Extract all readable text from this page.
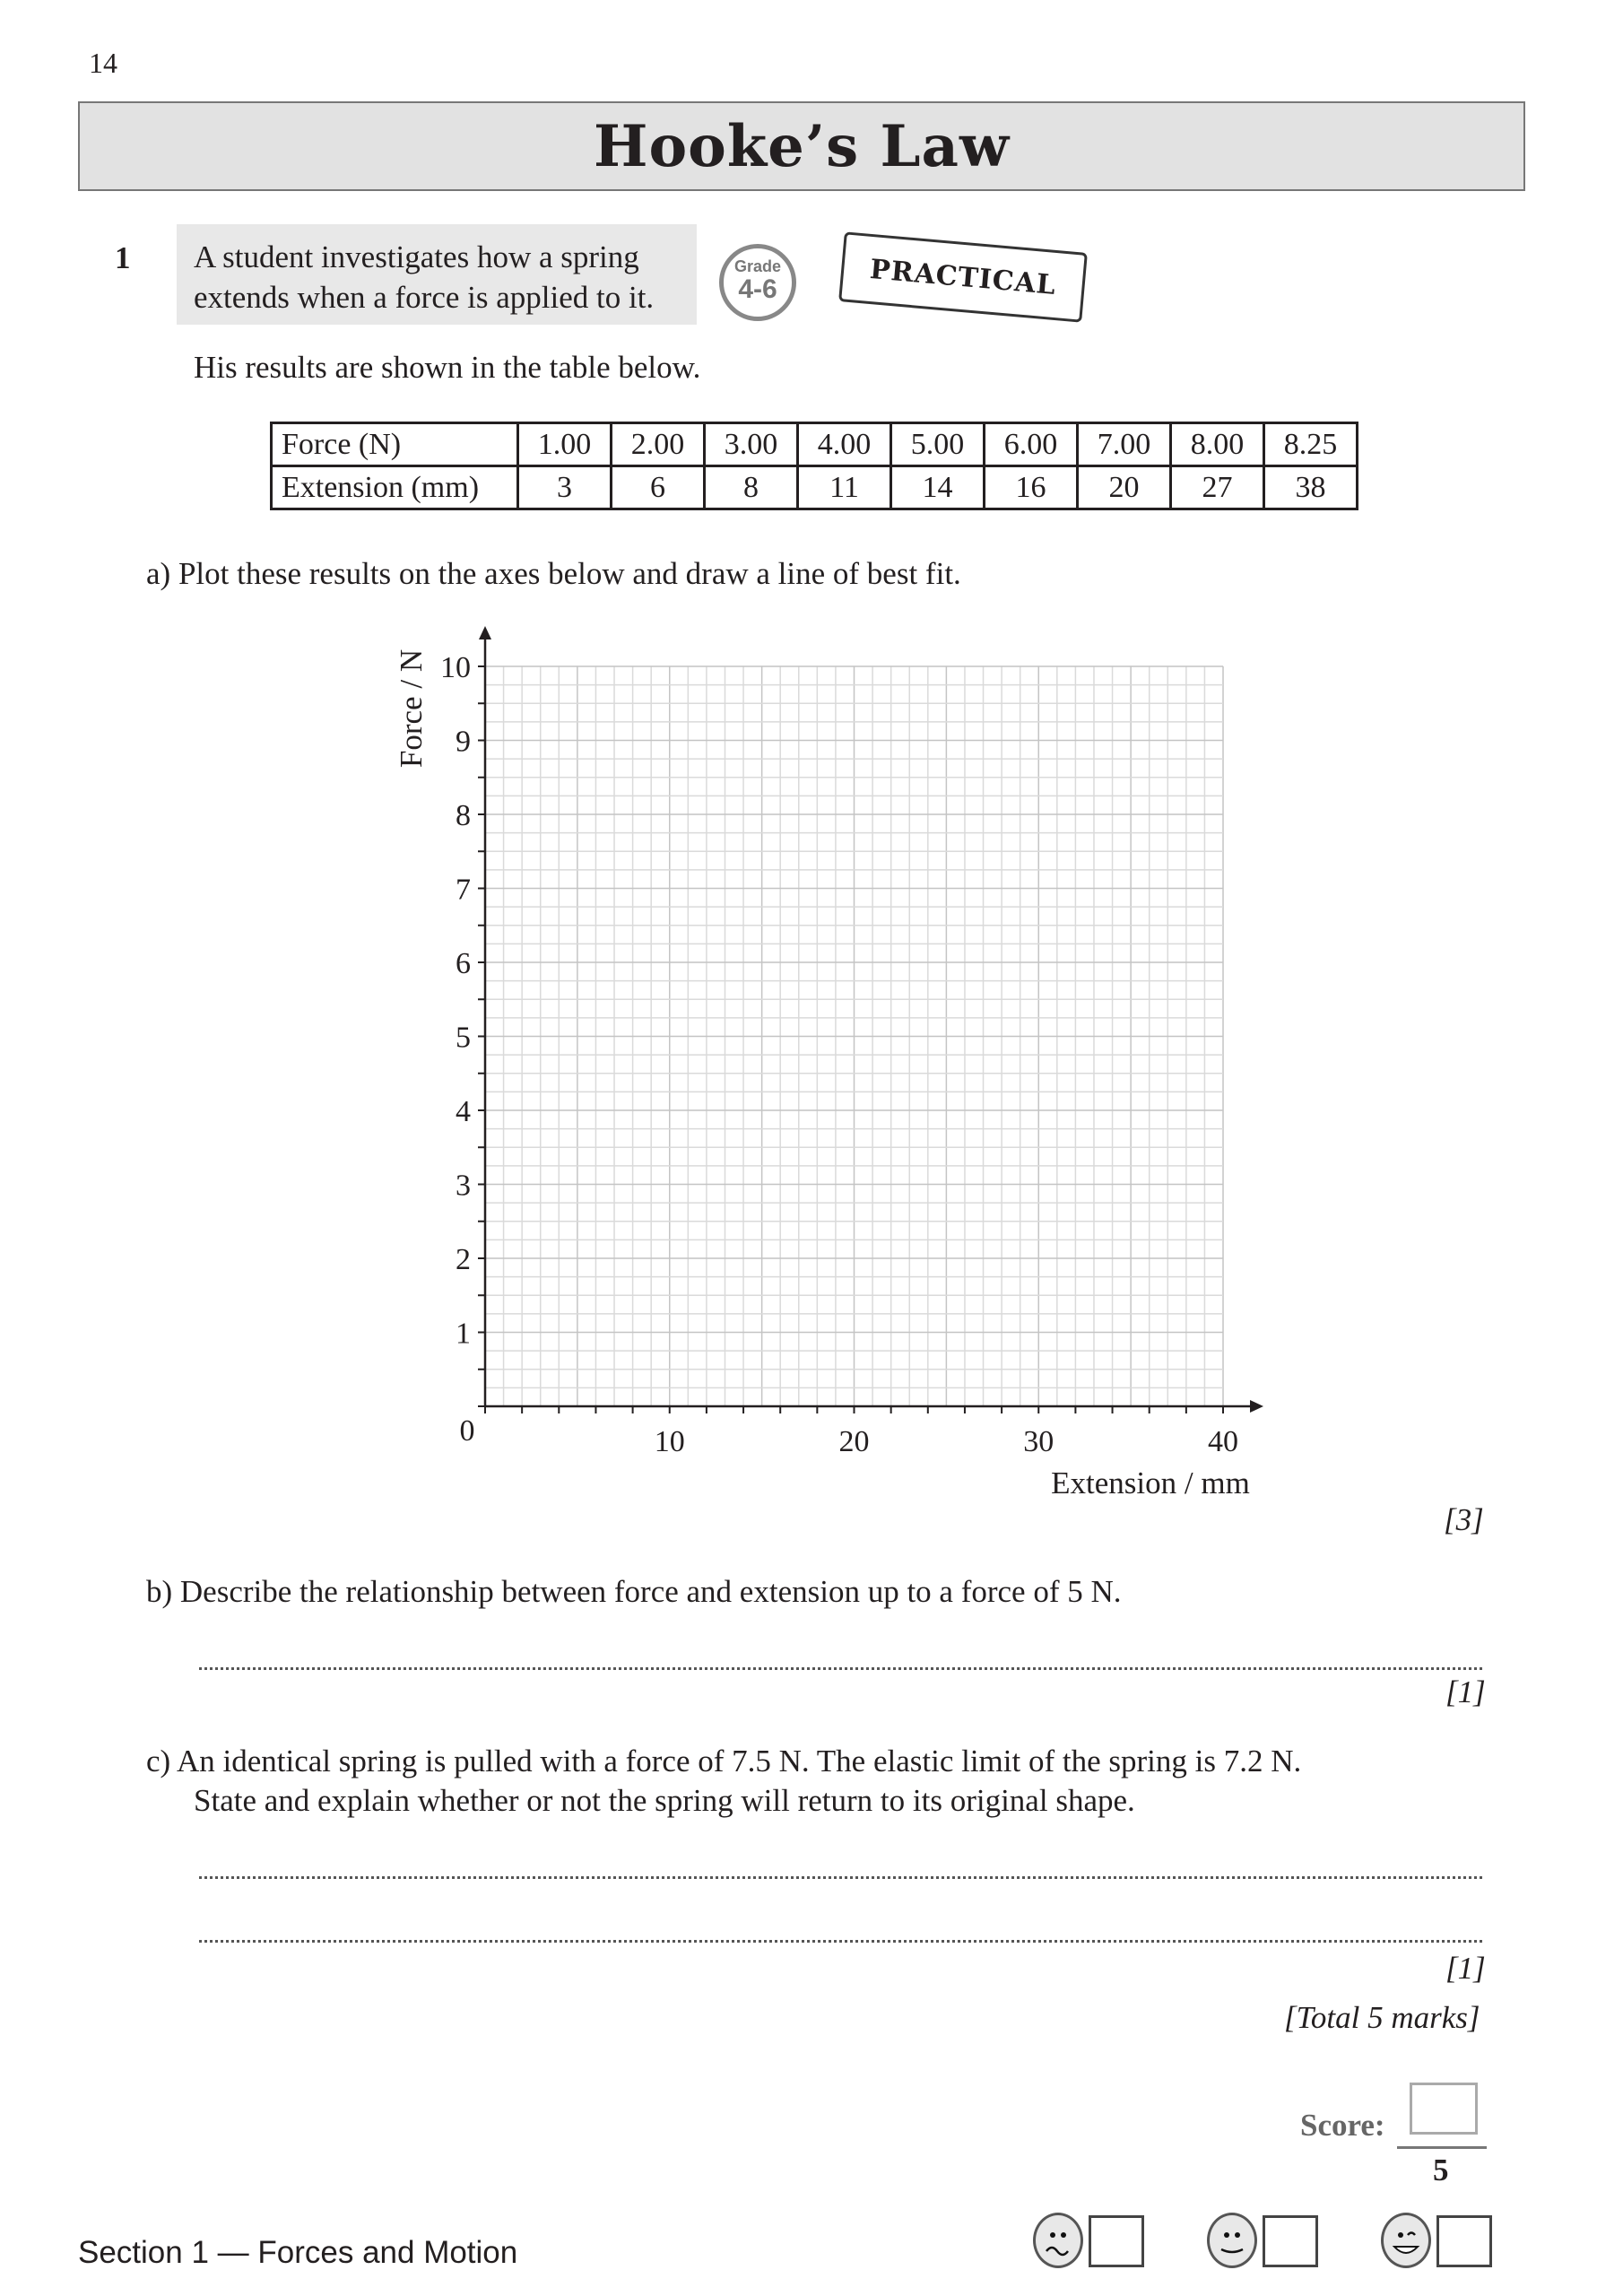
14
Hooke’s Law
1 A student investigates how a spring
extends when a force is applied to it.
Grade
4-6	PRACTICAL
His results are shown in the table below.
Force (N)	1.00	2.00	3.00	4.00	5.00	6.00	7.00	8.00	8.25
Extension (mm)	3	6	8	11	14	16	20	27	38
a) Plot these results on the axes below and draw a line of best fit.
1
2
3
4
5
6
7
8
9
10
10	20	30	40
0
Force / N
Extension / mm
[3]
b) Describe the relationship between force and extension up to a force of 5 N.
[1]
c) An identical spring is pulled with a force of 7.5 N. The elastic limit of the spring is 7.2 N.
State and explain whether or not the spring will return to its original shape.
[1]
[Total 5 marks]
Score:
5
Section 1 — Forces and Motion
